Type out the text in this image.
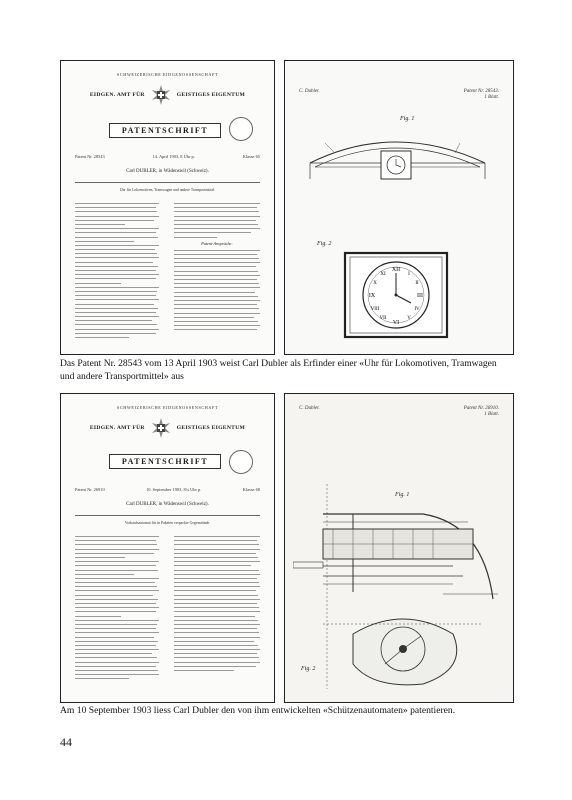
SCHWEIZERISCHE EIDGENOSSENSCHAFT
EIDGEN. AMT FÜR	GEISTIGES EIGENTUM
PATENTSCHRIFT
Patent Nr. 28543	14. April 1903, 8 Uhr p.	Klasse 65
Carl DUBLER, in Wädenswil (Schweiz).
Uhr für Lokomotiven, Tramwagen und andere Transportmittel.
Patent-Ansprüche:
C. Dubler.	Patent Nr. 28543.
1 Blatt.
Fig. 1
Fig. 2
XII
III
VI
IX
I
II
IV
V
VII
VIII
X
XI
Das Patent Nr. 28543 vom 13 April 1903 weist Carl Dubler als Erfinder einer «Uhr für Lokomotiven, Tramwagen und andere Transportmittel» aus
SCHWEIZERISCHE EIDGENOSSENSCHAFT
EIDGEN. AMT FÜR	GEISTIGES EIGENTUM
PATENTSCHRIFT
Patent Nr. 26910	10. September 1903, 8¼ Uhr p.	Klasse 68
Carl DUBLER, in Wädenswil (Schweiz).
Vorkaufsautomat für in Paketen verpackte Gegenstände.
C. Dubler.	Patent Nr. 26910.
1 Blatt.
Fig. 1
Fig. 2
Am 10 September 1903 liess Carl Dubler den von ihm entwickelten «Schützenautomaten» patentieren.
44
